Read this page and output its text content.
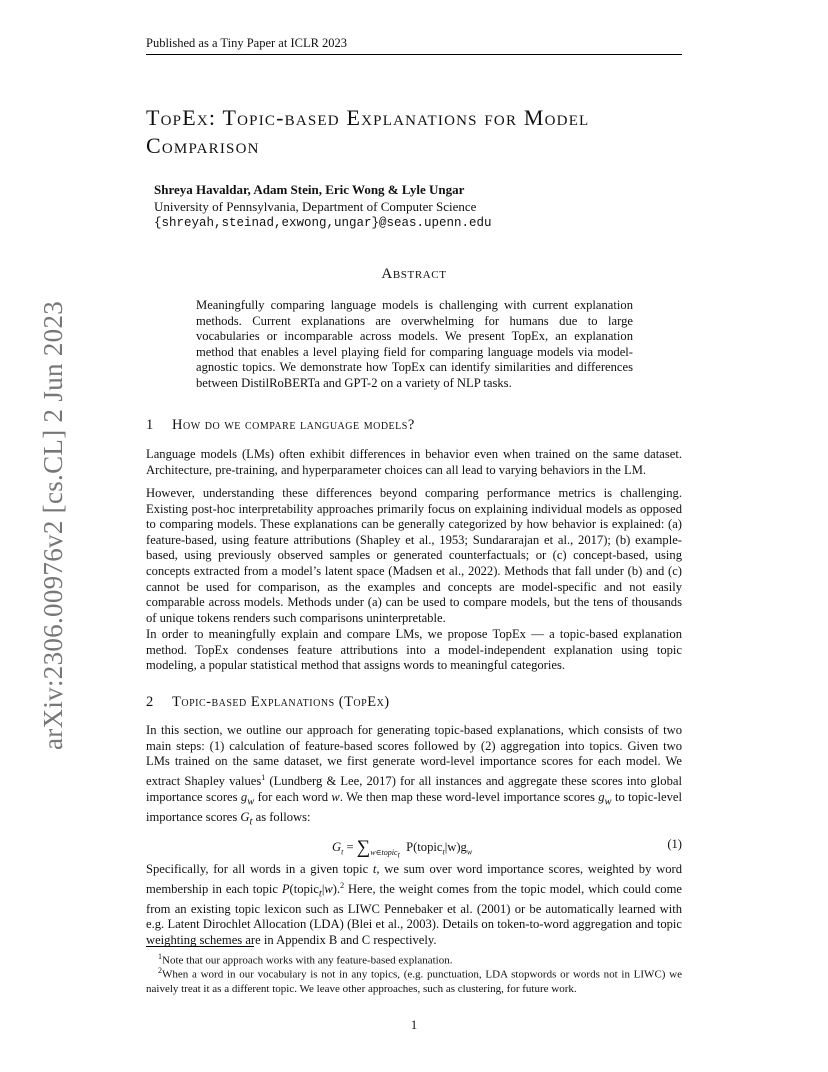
Published as a Tiny Paper at ICLR 2023
arXiv:2306.00976v2 [cs.CL] 2 Jun 2023
TopEx: Topic-based Explanations for Model
Comparison
Shreya Havaldar, Adam Stein, Eric Wong & Lyle Ungar
University of Pennsylvania, Department of Computer Science
{shreyah,steinad,exwong,ungar}@seas.upenn.edu
Abstract
Meaningfully comparing language models is challenging with current explanation methods. Current explanations are overwhelming for humans due to large vocabularies or incomparable across models. We present TopEx, an explanation method that enables a level playing field for comparing language models via model-agnostic topics. We demonstrate how TopEx can identify similarities and differences between DistilRoBERTa and GPT-2 on a variety of NLP tasks.
1 How do we compare language models?
Language models (LMs) often exhibit differences in behavior even when trained on the same dataset. Architecture, pre-training, and hyperparameter choices can all lead to varying behaviors in the LM.
However, understanding these differences beyond comparing performance metrics is challenging. Existing post-hoc interpretability approaches primarily focus on explaining individual models as opposed to comparing models. These explanations can be generally categorized by how behavior is explained: (a) feature-based, using feature attributions (Shapley et al., 1953; Sundararajan et al., 2017); (b) example-based, using previously observed samples or generated counterfactuals; or (c) concept-based, using concepts extracted from a model’s latent space (Madsen et al., 2022). Methods that fall under (b) and (c) cannot be used for comparison, as the examples and concepts are model-specific and not easily comparable across models. Methods under (a) can be used to compare models, but the tens of thousands of unique tokens renders such comparisons uninterpretable.
In order to meaningfully explain and compare LMs, we propose TopEx — a topic-based explanation method. TopEx condenses feature attributions into a model-independent explanation using topic modeling, a popular statistical method that assigns words to meaningful categories.
2 Topic-based Explanations (TopEx)
In this section, we outline our approach for generating topic-based explanations, which consists of two main steps: (1) calculation of feature-based scores followed by (2) aggregation into topics. Given two LMs trained on the same dataset, we first generate word-level importance scores for each model. We extract Shapley values$^1$ (Lundberg & Lee, 2017) for all instances and aggregate these scores into global importance scores $g_w$ for each word w. We then map these word-level importance scores $g_w$ to topic-level importance scores $G_t$ as follows:
$G_t = \sum_{w\in topic_t}$  $P(topic_t|w)g_w$
(1)
Specifically, for all words in a given topic t, we sum over word importance scores, weighted by word membership in each topic P(topic$_t$|w).$^2$ Here, the weight comes from the topic model, which could come from an existing topic lexicon such as LIWC Pennebaker et al. (2001) or be automatically learned with e.g. Latent Dirochlet Allocation (LDA) (Blei et al., 2003). Details on token-to-word aggregation and topic weighting schemes are in Appendix B and C respectively.
$^1$Note that our approach works with any feature-based explanation.
$^2$When a word in our vocabulary is not in any topics, (e.g. punctuation, LDA stopwords or words not in LIWC) we naively treat it as a different topic. We leave other approaches, such as clustering, for future work.
1
